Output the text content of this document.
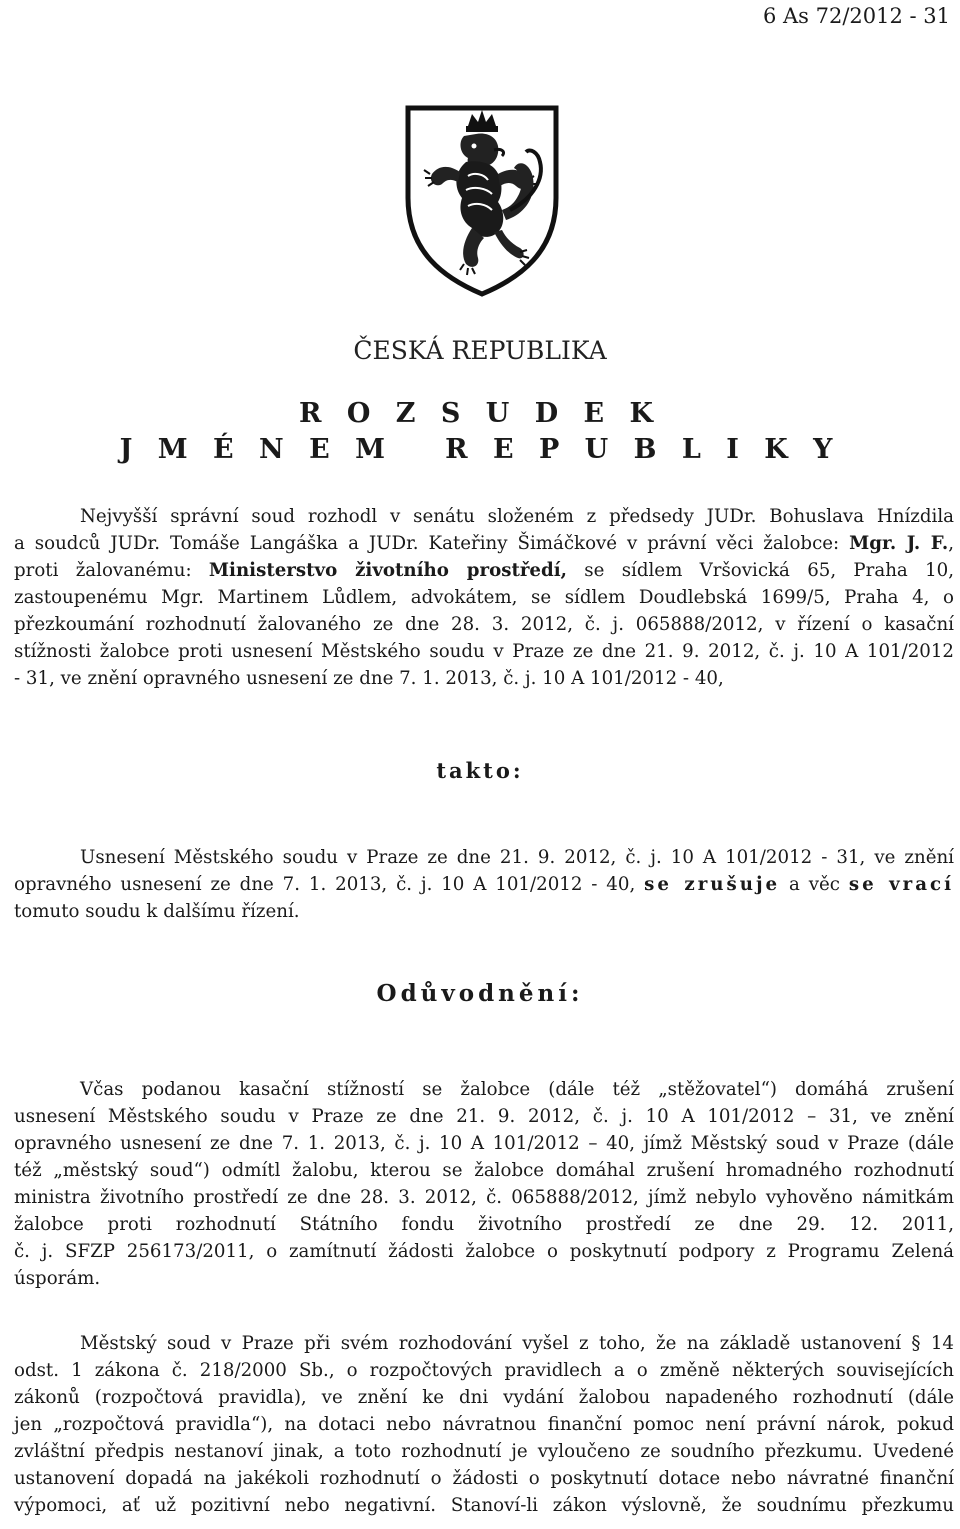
6 As 72/2012 - 31
ČESKÁ REPUBLIKA
R O Z S U D E K
J M É N E M   R E P U B L I K Y
Nejvyšší správní soud rozhodl v senátu složeném z předsedy JUDr. Bohuslava Hnízdila
a soudců JUDr. Tomáše Langáška a JUDr. Kateřiny Šimáčkové v právní věci žalobce: Mgr. J. F.,
proti žalovanému: Ministerstvo životního prostředí, se sídlem Vršovická 65, Praha 10,
zastoupenému Mgr. Martinem Lůdlem, advokátem, se sídlem Doudlebská 1699/5, Praha 4, o
přezkoumání rozhodnutí žalovaného ze dne 28. 3. 2012, č. j. 065888/2012, v řízení o kasační
stížnosti žalobce proti usnesení Městského soudu v Praze ze dne 21. 9. 2012, č. j. 10 A 101/2012
- 31, ve znění opravného usnesení ze dne 7. 1. 2013, č. j. 10 A 101/2012 - 40,
takto:
Usnesení Městského soudu v Praze ze dne 21. 9. 2012, č. j. 10 A 101/2012 - 31, ve znění
opravného usnesení ze dne 7. 1. 2013, č. j. 10 A 101/2012 - 40, se zrušuje a věc se vrací
tomuto soudu k dalšímu řízení.
Odůvodnění:
Včas podanou kasační stížností se žalobce (dále též „stěžovatel“) domáhá zrušení
usnesení Městského soudu v Praze ze dne 21. 9. 2012, č. j. 10 A 101/2012 – 31, ve znění
opravného usnesení ze dne 7. 1. 2013, č. j. 10 A 101/2012 – 40, jímž Městský soud v Praze (dále
též „městský soud“) odmítl žalobu, kterou se žalobce domáhal zrušení hromadného rozhodnutí
ministra životního prostředí ze dne 28. 3. 2012, č. 065888/2012, jímž nebylo vyhověno námitkám
žalobce proti rozhodnutí Státního fondu životního prostředí ze dne 29. 12. 2011,
č. j. SFZP 256173/2011, o zamítnutí žádosti žalobce o poskytnutí podpory z Programu Zelená
úsporám.
Městský soud v Praze při svém rozhodování vyšel z toho, že na základě ustanovení § 14
odst. 1 zákona č. 218/2000 Sb., o rozpočtových pravidlech a o změně některých souvisejících
zákonů (rozpočtová pravidla), ve znění ke dni vydání žalobou napadeného rozhodnutí (dále
jen „rozpočtová pravidla“), na dotaci nebo návratnou finanční pomoc není právní nárok, pokud
zvláštní předpis nestanoví jinak, a toto rozhodnutí je vyloučeno ze soudního přezkumu. Uvedené
ustanovení dopadá na jakékoli rozhodnutí o žádosti o poskytnutí dotace nebo návratné finanční
výpomoci, ať už pozitivní nebo negativní. Stanoví-li zákon výslovně, že soudnímu přezkumu
